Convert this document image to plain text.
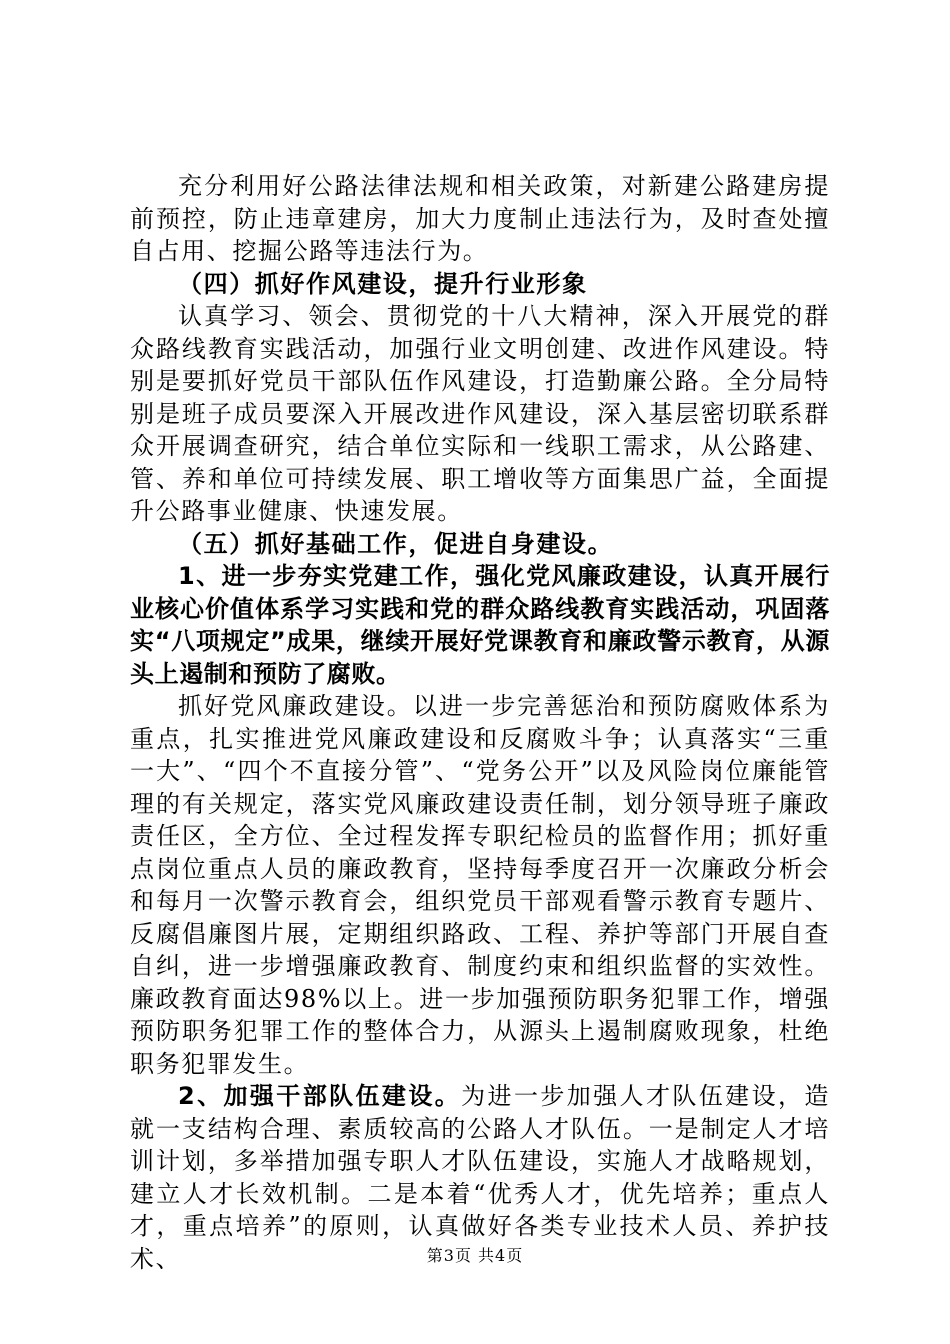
充分利用好公路法律法规和相关政策，对新建公路建房提前预控，防止违章建房，加大力度制止违法行为，及时查处擅自占用、挖掘公路等违法行为。

（四）抓好作风建设，提升行业形象

认真学习、领会、贯彻党的十八大精神，深入开展党的群众路线教育实践活动，加强行业文明创建、改进作风建设。特别是要抓好党员干部队伍作风建设，打造勤廉公路。全分局特别是班子成员要深入开展改进作风建设，深入基层密切联系群众开展调查研究，结合单位实际和一线职工需求，从公路建、管、养和单位可持续发展、职工增收等方面集思广益，全面提升公路事业健康、快速发展。

（五）抓好基础工作，促进自身建设。

1、进一步夯实党建工作，强化党风廉政建设，认真开展行业核心价值体系学习实践和党的群众路线教育实践活动，巩固落实“八项规定”成果，继续开展好党课教育和廉政警示教育，从源头上遏制和预防了腐败。

抓好党风廉政建设。以进一步完善惩治和预防腐败体系为重点，扎实推进党风廉政建设和反腐败斗争；认真落实“三重一大”、“四个不直接分管”、“党务公开”以及风险岗位廉能管理的有关规定，落实党风廉政建设责任制，划分领导班子廉政责任区，全方位、全过程发挥专职纪检员的监督作用；抓好重点岗位重点人员的廉政教育，坚持每季度召开一次廉政分析会和每月一次警示教育会，组织党员干部观看警示教育专题片、反腐倡廉图片展，定期组织路政、工程、养护等部门开展自查自纠，进一步增强廉政教育、制度约束和组织监督的实效性。廉政教育面达98%以上。进一步加强预防职务犯罪工作，增强预防职务犯罪工作的整体合力，从源头上遏制腐败现象，杜绝职务犯罪发生。

2、加强干部队伍建设。为进一步加强人才队伍建设，造就一支结构合理、素质较高的公路人才队伍。一是制定人才培训计划，多举措加强专职人才队伍建设，实施人才战略规划，建立人才长效机制。二是本着“优秀人才，优先培养；重点人才，重点培养”的原则，认真做好各类专业技术人员、养护技术、	第3页 共4页
